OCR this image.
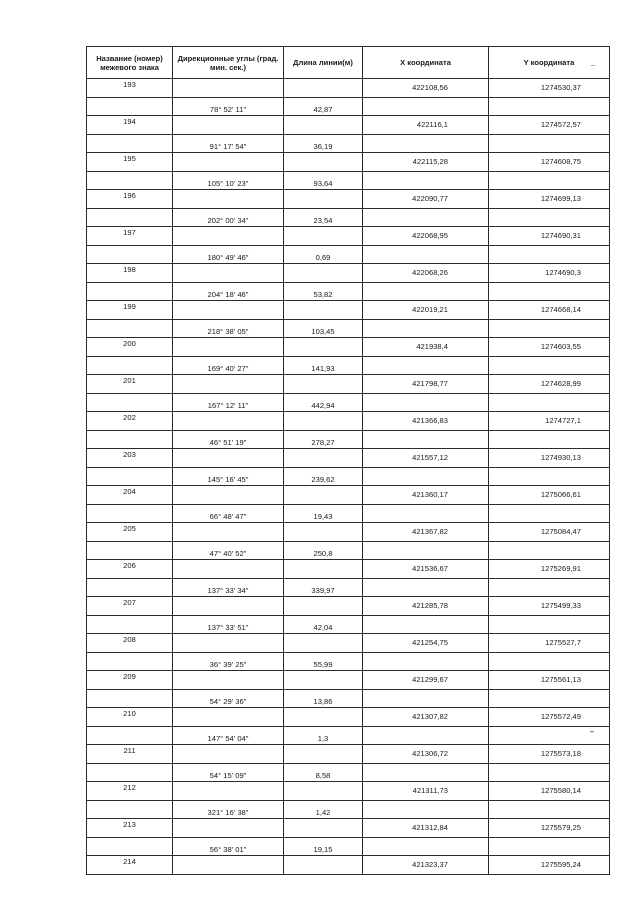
Название (номер) межевого знака	Дирекционные углы (град. мин. сек.)	Длина линии(м)	X координата	Y координата
193			422108,56	1274530,37
	78° 52' 11"	42,87		
194			422116,1	1274572,57
	91° 17' 54"	36,19		
195			422115,28	1274608,75
	105° 10' 23"	93,64		
196			422090,77	1274699,13
	202° 00' 34"	23,54		
197			422068,95	1274690,31
	180° 49' 46"	0,69		
198			422068,26	1274690,3
	204° 18' 46"	53,82		
199			422019,21	1274668,14
	218° 38' 05"	103,45		
200			421938,4	1274603,55
	169° 40' 27"	141,93		
201			421798,77	1274628,99
	167° 12' 11"	442,94		
202			421366,83	1274727,1
	46° 51' 19"	278,27		
203			421557,12	1274930,13
	145° 16' 45"	239,62		
204			421360,17	1275066,61
	66° 48' 47"	19,43		
205			421367,82	1275084,47
	47° 40' 52"	250,8		
206			421536,67	1275269,91
	137° 33' 34"	339,97		
207			421285,78	1275499,33
	137° 33' 51"	42,04		
208			421254,75	1275527,7
	36° 39' 25"	55,99		
209			421299,67	1275561,13
	54° 29' 36"	13,86		
210			421307,82	1275572,49
	147° 54' 04"	1,3		
211			421306,72	1275573,18
	54° 15' 09"	8,58		
212			421311,73	1275580,14
	321° 16' 38"	1,42		
213			421312,84	1275579,25
	56° 38' 01"	19,15		
214			421323,37	1275595,24
–
–
